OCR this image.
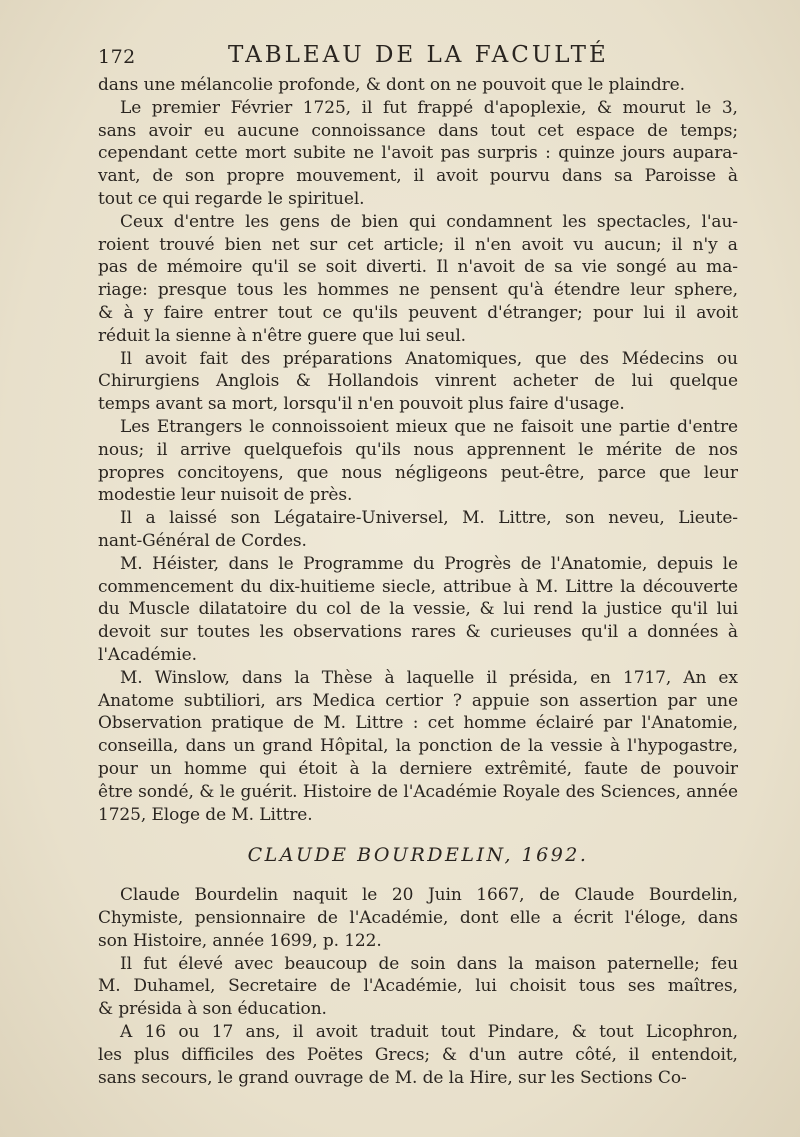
172	TABLEAU DE LA FACULTÉ
dans une mélancolie profonde, & dont on ne pouvoit que le plaindre.
Le premier Février 1725, il fut frappé d'apoplexie, & mourut le 3,
sans avoir eu aucune connoissance dans tout cet espace de temps;
cependant cette mort subite ne l'avoit pas surpris : quinze jours aupara-
vant, de son propre mouvement, il avoit pourvu dans sa Paroisse à
tout ce qui regarde le spirituel.
Ceux d'entre les gens de bien qui condamnent les spectacles, l'au-
roient trouvé bien net sur cet article; il n'en avoit vu aucun; il n'y a
pas de mémoire qu'il se soit diverti. Il n'avoit de sa vie songé au ma-
riage: presque tous les hommes ne pensent qu'à étendre leur sphere,
& à y faire entrer tout ce qu'ils peuvent d'étranger; pour lui il avoit
réduit la sienne à n'être guere que lui seul.
Il avoit fait des préparations Anatomiques, que des Médecins ou
Chirurgiens Anglois & Hollandois vinrent acheter de lui quelque
temps avant sa mort, lorsqu'il n'en pouvoit plus faire d'usage.
Les Etrangers le connoissoient mieux que ne faisoit une partie d'entre
nous; il arrive quelquefois qu'ils nous apprennent le mérite de nos
propres concitoyens, que nous négligeons peut-être, parce que leur
modestie leur nuisoit de près.
Il a laissé son Légataire-Universel, M. Littre, son neveu, Lieute-
nant-Général de Cordes.
M. Héister, dans le Programme du Progrès de l'Anatomie, depuis le
commencement du dix-huitieme siecle, attribue à M. Littre la découverte
du Muscle dilatatoire du col de la vessie, & lui rend la justice qu'il lui
devoit sur toutes les observations rares & curieuses qu'il a données à
l'Académie.
M. Winslow, dans la Thèse à laquelle il présida, en 1717, An ex
Anatome subtiliori, ars Medica certior ? appuie son assertion par une
Observation pratique de M. Littre : cet homme éclairé par l'Anatomie,
conseilla, dans un grand Hôpital, la ponction de la vessie à l'hypogastre,
pour un homme qui étoit à la derniere extrêmité, faute de pouvoir
être sondé, & le guérit. Histoire de l'Académie Royale des Sciences, année
1725, Eloge de M. Littre.
CLAUDE BOURDELIN, 1692.
Claude Bourdelin naquit le 20 Juin 1667, de Claude Bourdelin,
Chymiste, pensionnaire de l'Académie, dont elle a écrit l'éloge, dans
son Histoire, année 1699, p. 122.
Il fut élevé avec beaucoup de soin dans la maison paternelle; feu
M. Duhamel, Secretaire de l'Académie, lui choisit tous ses maîtres,
& présida à son éducation.
A 16 ou 17 ans, il avoit traduit tout Pindare, & tout Licophron,
les plus difficiles des Poëtes Grecs; & d'un autre côté, il entendoit,
sans secours, le grand ouvrage de M. de la Hire, sur les Sections Co-
